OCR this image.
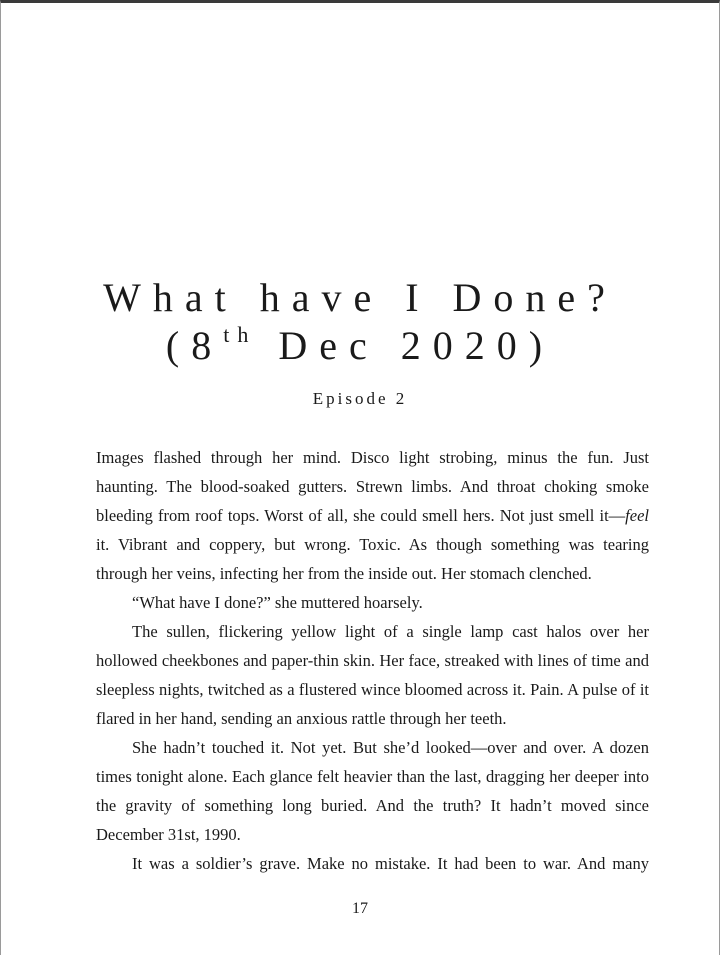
What have I Done?
(8th Dec 2020)
Episode 2

Images flashed through her mind. Disco light strobing, minus the fun. Just haunting. The blood-soaked gutters. Strewn limbs. And throat choking smoke bleeding from roof tops. Worst of all, she could smell hers. Not just smell it—feel it. Vibrant and coppery, but wrong. Toxic. As though something was tearing through her veins, infecting her from the inside out. Her stomach clenched.

“What have I done?” she muttered hoarsely.

The sullen, flickering yellow light of a single lamp cast halos over her hollowed cheekbones and paper-thin skin. Her face, streaked with lines of time and sleepless nights, twitched as a flustered wince bloomed across it. Pain. A pulse of it flared in her hand, sending an anxious rattle through her teeth.

She hadn’t touched it. Not yet. But she’d looked—over and over. A dozen times tonight alone. Each glance felt heavier than the last, dragging her deeper into the gravity of something long buried. And the truth? It hadn’t moved since December 31st, 1990.

It was a soldier’s grave. Make no mistake. It had been to war. And many

17
